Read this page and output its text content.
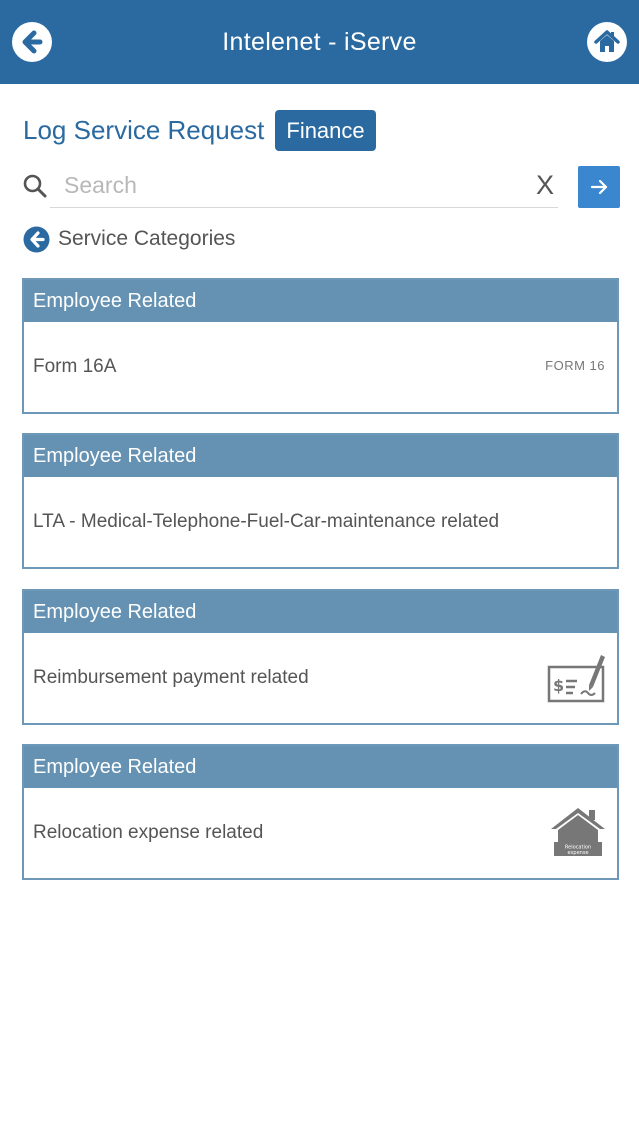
Intelenet - iServe
Log Service Request	Finance
Search
X
Service Categories
Employee Related
Form 16A	FORM 16
Employee Related
LTA - Medical-Telephone-Fuel-Car-maintenance related
Employee Related
Reimbursement payment related	$
Employee Related
Relocation expense related
Relocation
expense
